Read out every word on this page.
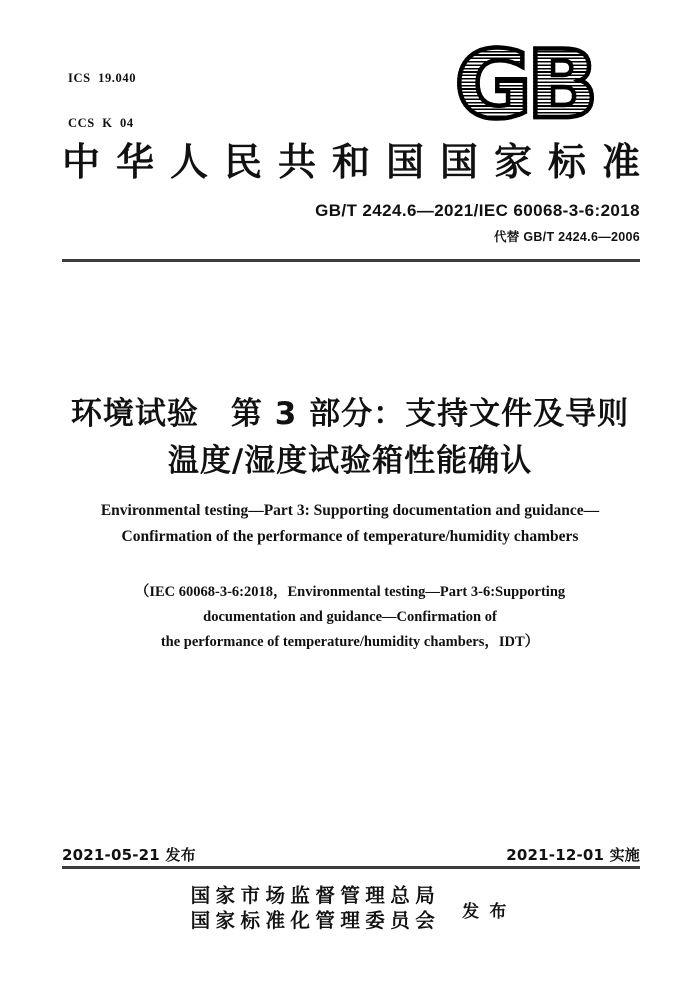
ICS  19.040

CCS  K  04

	GB
中华人民共和国国家标准
GB/T 2424.6—2021/IEC 60068-3-6:2018
代替 GB/T 2424.6—2006
环境试验　第 3 部分：支持文件及导则
温度/湿度试验箱性能确认
Environmental testing—Part 3: Supporting documentation and guidance—
Confirmation of the performance of temperature/humidity chambers
（IEC 60068-3-6:2018，Environmental testing—Part 3-6:Supporting
documentation and guidance—Confirmation of
the performance of temperature/humidity chambers，IDT）
2021-05-21 发布	2021-12-01 实施
国家市场监督管理总局
国家标准化管理委员会 发 布
